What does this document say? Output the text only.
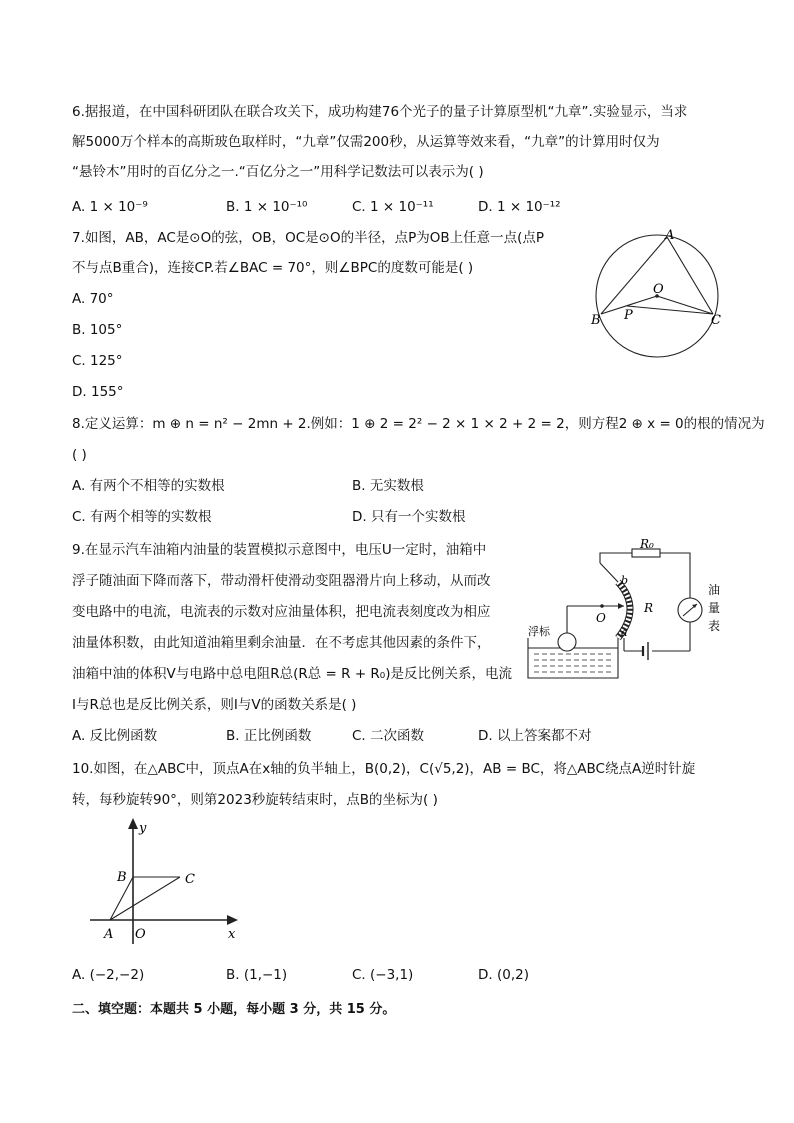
6.据报道，在中国科研团队在联合攻关下，成功构建76个光子的量子计算原型机“九章”.实验显示，当求
解5000万个样本的高斯玻色取样时，“九章”仅需200秒，从运算等效来看，“九章”的计算用时仅为
“悬铃木”用时的百亿分之一.“百亿分之一”用科学记数法可以表示为( )
A. 1 × 10⁻⁹	B. 1 × 10⁻¹⁰	C. 1 × 10⁻¹¹	D. 1 × 10⁻¹²
7.如图，AB，AC是⊙O的弦，OB，OC是⊙O的半径，点P为OB上任意一点(点P
不与点B重合)，连接CP.若∠BAC = 70°，则∠BPC的度数可能是( )
A. 70°
B. 105°
C. 125°
D. 155°
A
B	C
O
P
8.定义运算：m ⊕ n = n² − 2mn + 2.例如：1 ⊕ 2 = 2² − 2 × 1 × 2 + 2 = 2，则方程2 ⊕ x = 0的根的情况为
( )
A. 有两个不相等的实数根	B. 无实数根
C. 有两个相等的实数根	D. 只有一个实数根
9.在显示汽车油箱内油量的装置模拟示意图中，电压U一定时，油箱中
浮子随油面下降而落下，带动滑杆使滑动变阻器滑片向上移动，从而改
变电路中的电流，电流表的示数对应油量体积，把电流表刻度改为相应
油量体积数，由此知道油箱里剩余油量．在不考虑其他因素的条件下，
油箱中油的体积V与电路中总电阻R总(R总 = R + R₀)是反比例关系，电流
I与R总也是反比例关系，则I与V的函数关系是( )
A. 反比例函数	B. 正比例函数	C. 二次函数	D. 以上答案都不对
R₀
b
a
R
O
浮标
油
量
表
10.如图，在△ABC中，顶点A在x轴的负半轴上，B(0,2)，C(√5,2)，AB = BC，将△ABC绕点A逆时针旋
转，每秒旋转90°，则第2023秒旋转结束时，点B的坐标为( )
y
x
B	C
A O
A. (−2,−2)	B. (1,−1)	C. (−3,1)	D. (0,2)
二、填空题：本题共 5 小题，每小题 3 分，共 15 分。
